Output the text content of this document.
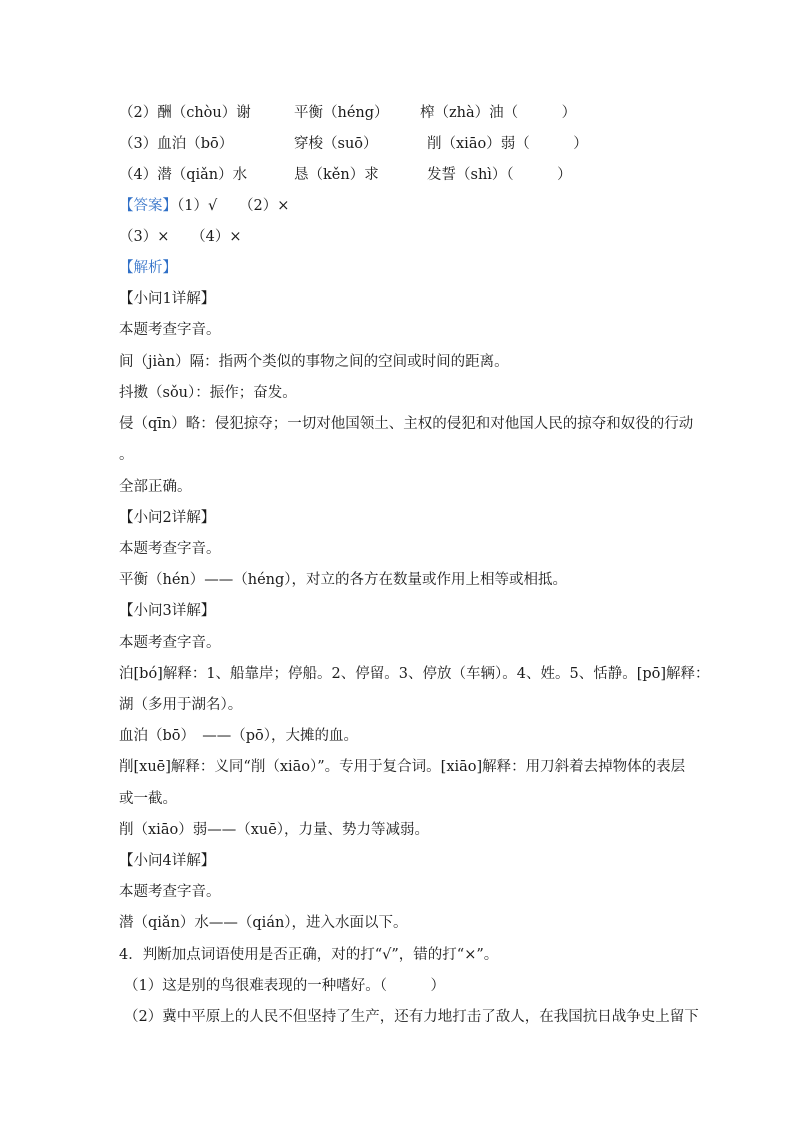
（2）酬（chòu）谢	平衡（héng） 榨（zhà）油（　　　）
（3）血泊（bō）	穿梭（suō）	削（xiāo）弱（　　　）
（4）潜（qiǎn）水	恳（kěn）求	发誓（shì）（　　　）
【答案】（1）√　　（2）×
（3）×　　（4）×
【解析】
【小问1详解】
本题考查字音。
间（jiàn）隔：指两个类似的事物之间的空间或时间的距离。
抖擞（sǒu）：振作；奋发。
侵（qīn）略：侵犯掠夺；一切对他国领土、主权的侵犯和对他国人民的掠夺和奴役的行动
。
全部正确。
【小问2详解】
本题考查字音。
平衡（hén）——（héng），对立的各方在数量或作用上相等或相抵。
【小问3详解】
本题考查字音。
泊[bó]解释：1、船靠岸；停船。2、停留。3、停放（车辆）。4、姓。5、恬静。[pō]解释：
湖（多用于湖名）。
血泊（bō）　——（pō），大摊的血。
削[xuē]解释：义同“削（xiāo）”。专用于复合词。[xiāo]解释：用刀斜着去掉物体的表层
或一截。
削（xiāo）弱——（xuē），力量、势力等减弱。
【小问4详解】
本题考查字音。
潜（qiǎn）水——（qián），进入水面以下。
4．判断加点词语使用是否正确，对的打“√”，错的打“×”。
（1）这是别的鸟很难表现的一种嗜好。（　　　）
（2）冀中平原上的人民不但坚持了生产，还有力地打击了敌人，在我国抗日战争史上留下
